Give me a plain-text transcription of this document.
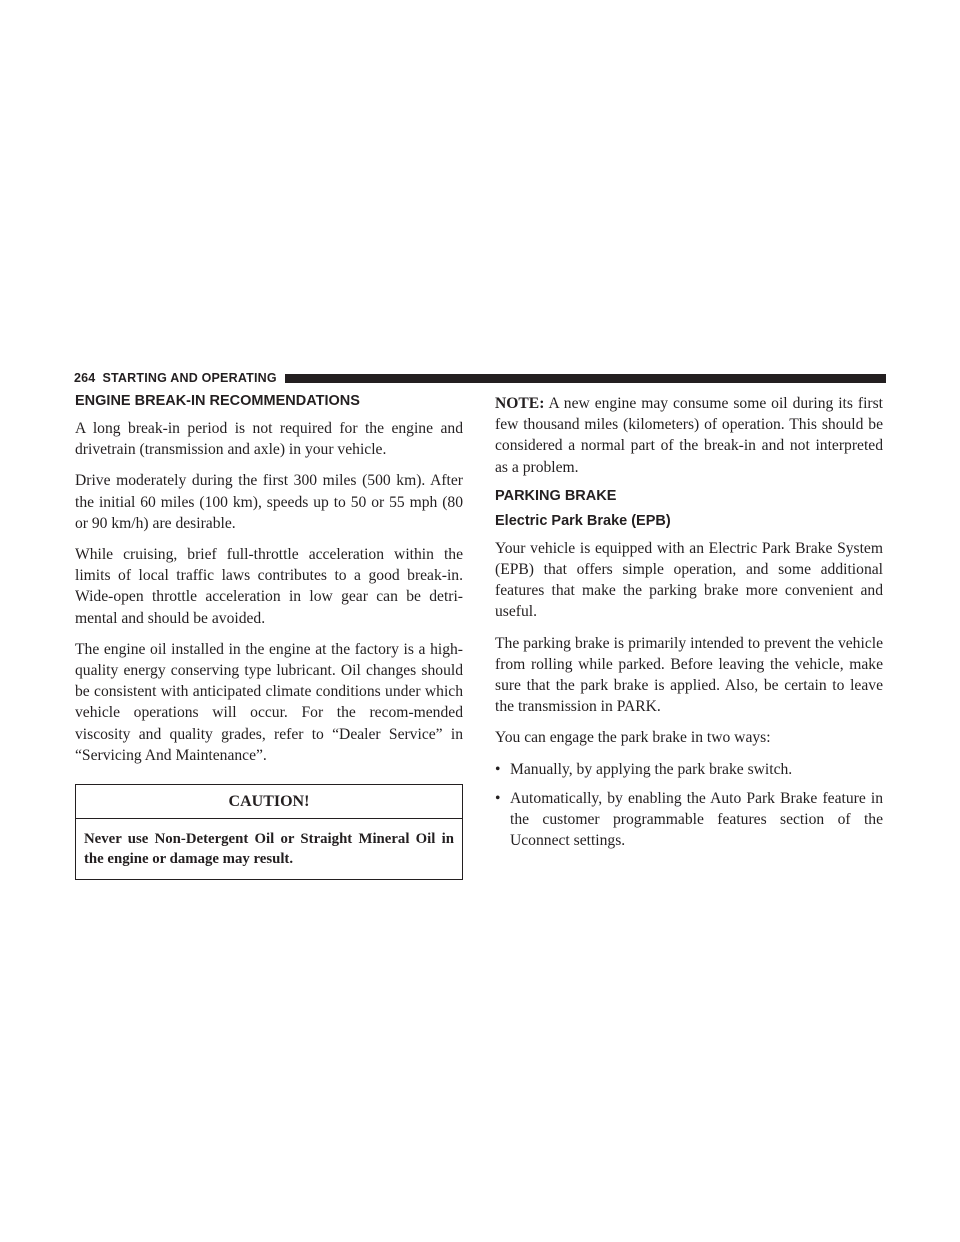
264 STARTING AND OPERATING
ENGINE BREAK-IN RECOMMENDATIONS

A long break-in period is not required for the engine and drivetrain (transmission and axle) in your vehicle.

Drive moderately during the first 300 miles (500 km). After the initial 60 miles (100 km), speeds up to 50 or 55 mph (80 or 90 km/h) are desirable.

While cruising, brief full-throttle acceleration within the limits of local traffic laws contributes to a good break-in. Wide-open throttle acceleration in low gear can be detri-mental and should be avoided.

The engine oil installed in the engine at the factory is a high-quality energy conserving type lubricant. Oil changes should be consistent with anticipated climate conditions under which vehicle operations will occur. For the recom-mended viscosity and quality grades, refer to “Dealer Service” in “Servicing And Maintenance”.

CAUTION!
Never use Non-Detergent Oil or Straight Mineral Oil in the engine or damage may result.

NOTE: A new engine may consume some oil during its first few thousand miles (kilometers) of operation. This should be considered a normal part of the break-in and not interpreted as a problem.

PARKING BRAKE
Electric Park Brake (EPB)

Your vehicle is equipped with an Electric Park Brake System (EPB) that offers simple operation, and some additional features that make the parking brake more convenient and useful.

The parking brake is primarily intended to prevent the vehicle from rolling while parked. Before leaving the vehicle, make sure that the park brake is applied. Also, be certain to leave the transmission in PARK.

You can engage the park brake in two ways:

• Manually, by applying the park brake switch.
• Automatically, by enabling the Auto Park Brake feature in the customer programmable features section of the Uconnect settings.
